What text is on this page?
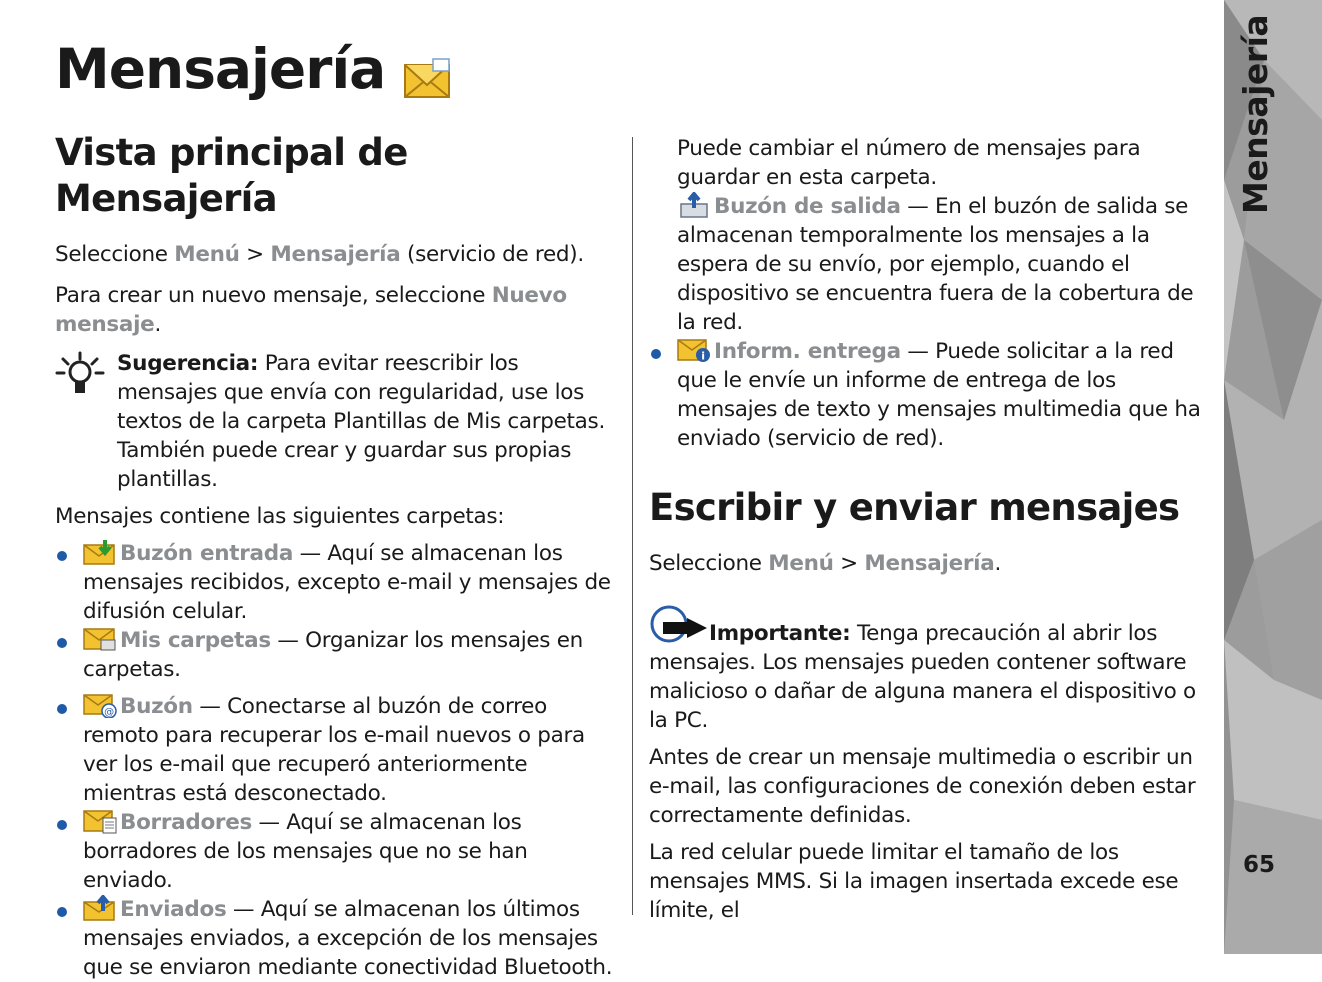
Mensajería
Vista principal de Mensajería

Seleccione Menú > Mensajería (servicio de red).

Para crear un nuevo mensaje, seleccione Nuevo mensaje.

Sugerencia: Para evitar reescribir los mensajes que envía con regularidad, use los textos de la carpeta Plantillas de Mis carpetas. También puede crear y guardar sus propias plantillas.

Mensajes contiene las siguientes carpetas:

Buzón entrada — Aquí se almacenan los mensajes recibidos, excepto e-mail y mensajes de difusión celular.
Mis carpetas — Organizar los mensajes en carpetas.
@ Buzón — Conectarse al buzón de correo remoto para recuperar los e-mail nuevos o para ver los e-mail que recuperó anteriormente mientras está desconectado.
Borradores — Aquí se almacenan los borradores de los mensajes que no se han enviado.
Enviados — Aquí se almacenan los últimos mensajes enviados, a excepción de los mensajes que se enviaron mediante conectividad Bluetooth.
Puede cambiar el número de mensajes para guardar en esta carpeta.
Buzón de salida — En el buzón de salida se almacenan temporalmente los mensajes a la espera de su envío, por ejemplo, cuando el dispositivo se encuentra fuera de la cobertura de la red.
i Inform. entrega — Puede solicitar a la red que le envíe un informe de entrega de los mensajes de texto y mensajes multimedia que ha enviado (servicio de red).
Escribir y enviar mensajes

Seleccione Menú > Mensajería.

Importante: Tenga precaución al abrir los mensajes. Los mensajes pueden contener software malicioso o dañar de alguna manera el dispositivo o la PC.

Antes de crear un mensaje multimedia o escribir un e-mail, las configuraciones de conexión deben estar correctamente definidas.

La red celular puede limitar el tamaño de los mensajes MMS. Si la imagen insertada excede ese límite, el

Mensajería
65
